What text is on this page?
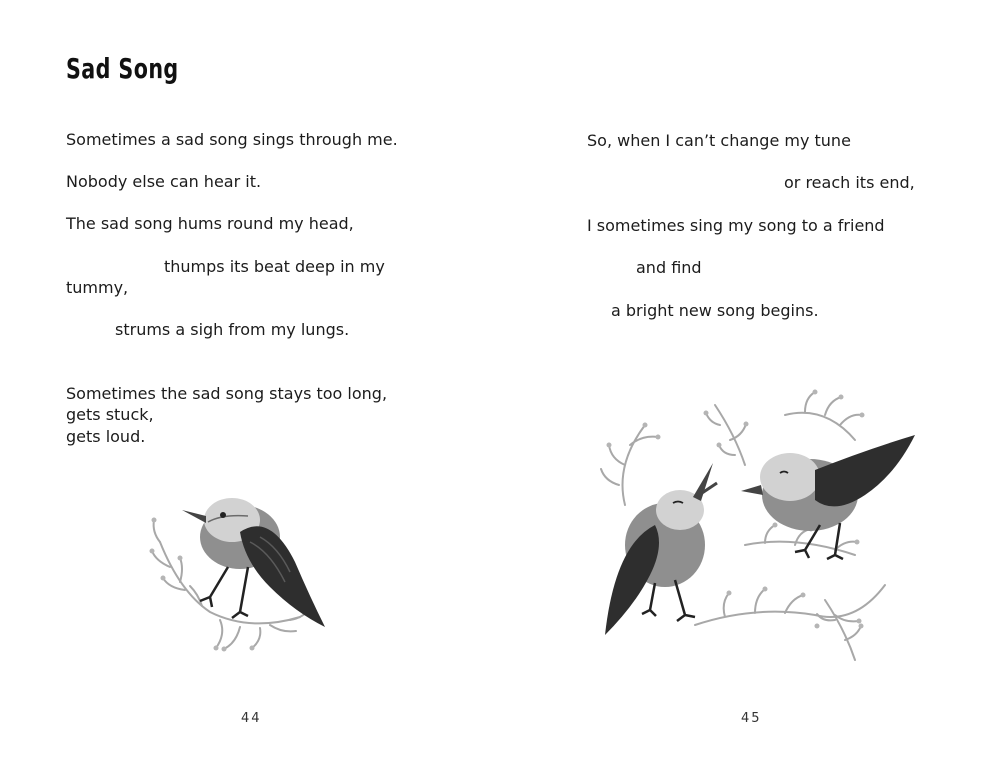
Sad Song
Sometimes a sad song sings through me.
Nobody else can hear it.
The sad song hums round my head,
thumps its beat deep in my
tummy,
strums a sigh from my lungs.
Sometimes the sad song stays too long,
gets stuck,
gets loud.
44
So, when I can’t change my tune
or reach its end,
I sometimes sing my song to a friend
and find
a bright new song begins.
45
